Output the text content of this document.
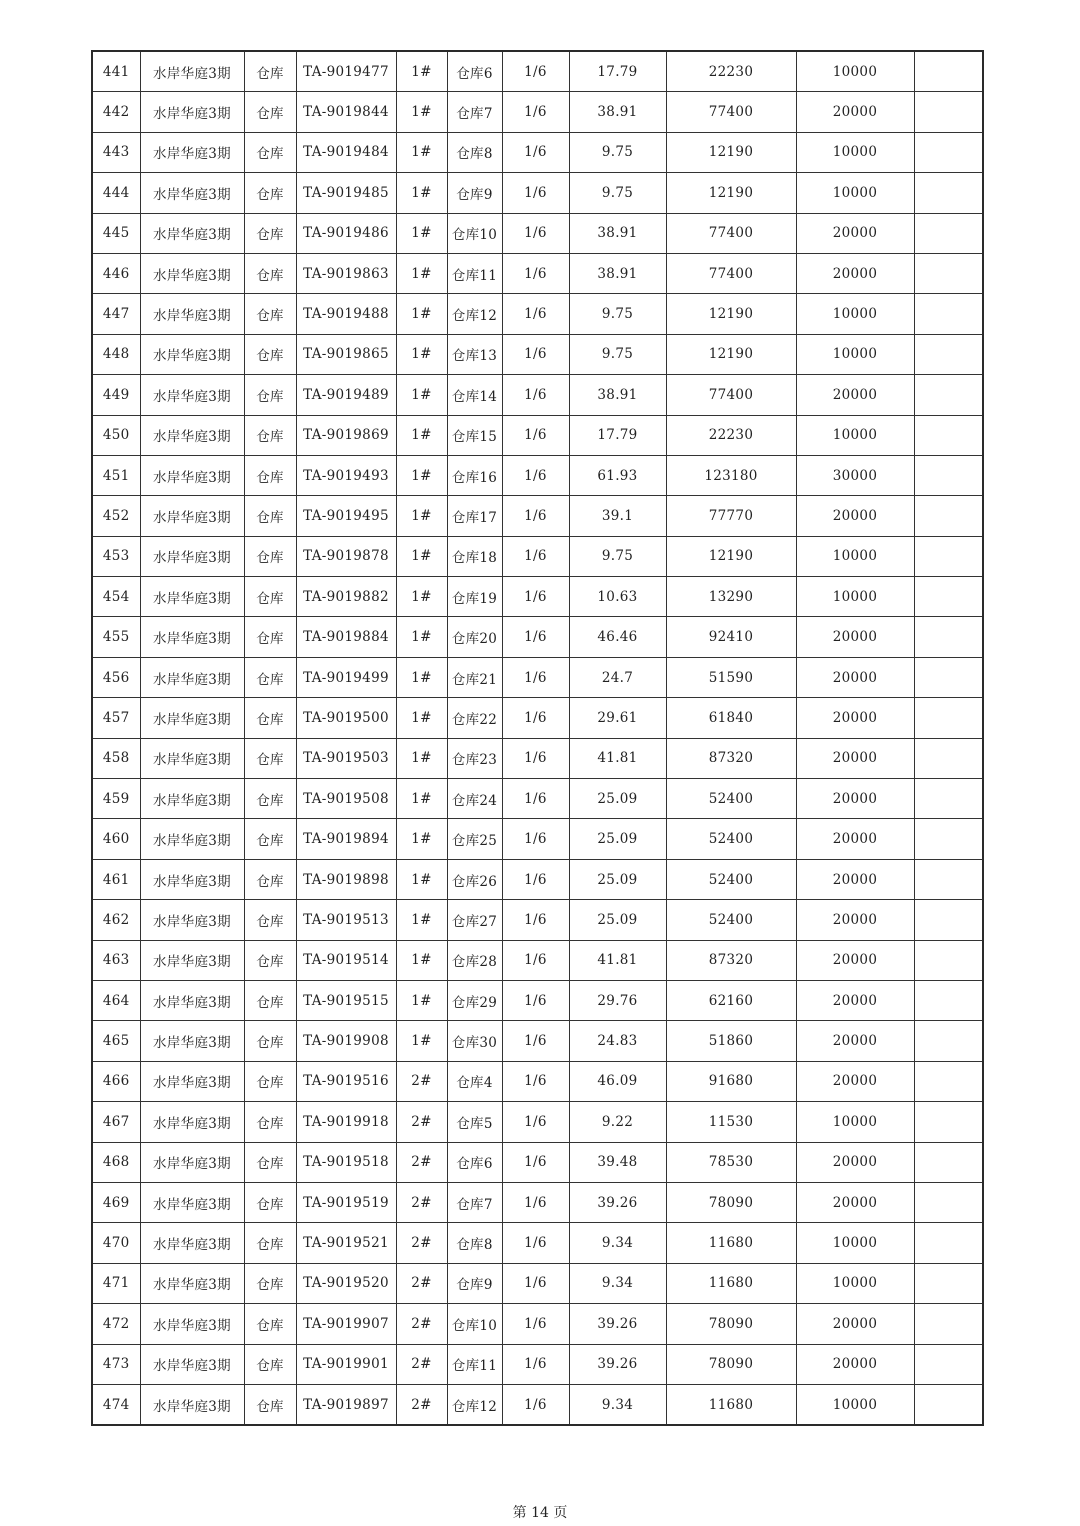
441	水岸华庭3期	仓库	TA-9019477	1#	仓库6	1/6	17.79	22230	10000	
442	水岸华庭3期	仓库	TA-9019844	1#	仓库7	1/6	38.91	77400	20000	
443	水岸华庭3期	仓库	TA-9019484	1#	仓库8	1/6	9.75	12190	10000	
444	水岸华庭3期	仓库	TA-9019485	1#	仓库9	1/6	9.75	12190	10000	
445	水岸华庭3期	仓库	TA-9019486	1#	仓库10	1/6	38.91	77400	20000	
446	水岸华庭3期	仓库	TA-9019863	1#	仓库11	1/6	38.91	77400	20000	
447	水岸华庭3期	仓库	TA-9019488	1#	仓库12	1/6	9.75	12190	10000	
448	水岸华庭3期	仓库	TA-9019865	1#	仓库13	1/6	9.75	12190	10000	
449	水岸华庭3期	仓库	TA-9019489	1#	仓库14	1/6	38.91	77400	20000	
450	水岸华庭3期	仓库	TA-9019869	1#	仓库15	1/6	17.79	22230	10000	
451	水岸华庭3期	仓库	TA-9019493	1#	仓库16	1/6	61.93	123180	30000	
452	水岸华庭3期	仓库	TA-9019495	1#	仓库17	1/6	39.1	77770	20000	
453	水岸华庭3期	仓库	TA-9019878	1#	仓库18	1/6	9.75	12190	10000	
454	水岸华庭3期	仓库	TA-9019882	1#	仓库19	1/6	10.63	13290	10000	
455	水岸华庭3期	仓库	TA-9019884	1#	仓库20	1/6	46.46	92410	20000	
456	水岸华庭3期	仓库	TA-9019499	1#	仓库21	1/6	24.7	51590	20000	
457	水岸华庭3期	仓库	TA-9019500	1#	仓库22	1/6	29.61	61840	20000	
458	水岸华庭3期	仓库	TA-9019503	1#	仓库23	1/6	41.81	87320	20000	
459	水岸华庭3期	仓库	TA-9019508	1#	仓库24	1/6	25.09	52400	20000	
460	水岸华庭3期	仓库	TA-9019894	1#	仓库25	1/6	25.09	52400	20000	
461	水岸华庭3期	仓库	TA-9019898	1#	仓库26	1/6	25.09	52400	20000	
462	水岸华庭3期	仓库	TA-9019513	1#	仓库27	1/6	25.09	52400	20000	
463	水岸华庭3期	仓库	TA-9019514	1#	仓库28	1/6	41.81	87320	20000	
464	水岸华庭3期	仓库	TA-9019515	1#	仓库29	1/6	29.76	62160	20000	
465	水岸华庭3期	仓库	TA-9019908	1#	仓库30	1/6	24.83	51860	20000	
466	水岸华庭3期	仓库	TA-9019516	2#	仓库4	1/6	46.09	91680	20000	
467	水岸华庭3期	仓库	TA-9019918	2#	仓库5	1/6	9.22	11530	10000	
468	水岸华庭3期	仓库	TA-9019518	2#	仓库6	1/6	39.48	78530	20000	
469	水岸华庭3期	仓库	TA-9019519	2#	仓库7	1/6	39.26	78090	20000	
470	水岸华庭3期	仓库	TA-9019521	2#	仓库8	1/6	9.34	11680	10000	
471	水岸华庭3期	仓库	TA-9019520	2#	仓库9	1/6	9.34	11680	10000	
472	水岸华庭3期	仓库	TA-9019907	2#	仓库10	1/6	39.26	78090	20000	
473	水岸华庭3期	仓库	TA-9019901	2#	仓库11	1/6	39.26	78090	20000	
474	水岸华庭3期	仓库	TA-9019897	2#	仓库12	1/6	9.34	11680	10000	
第 14 页
